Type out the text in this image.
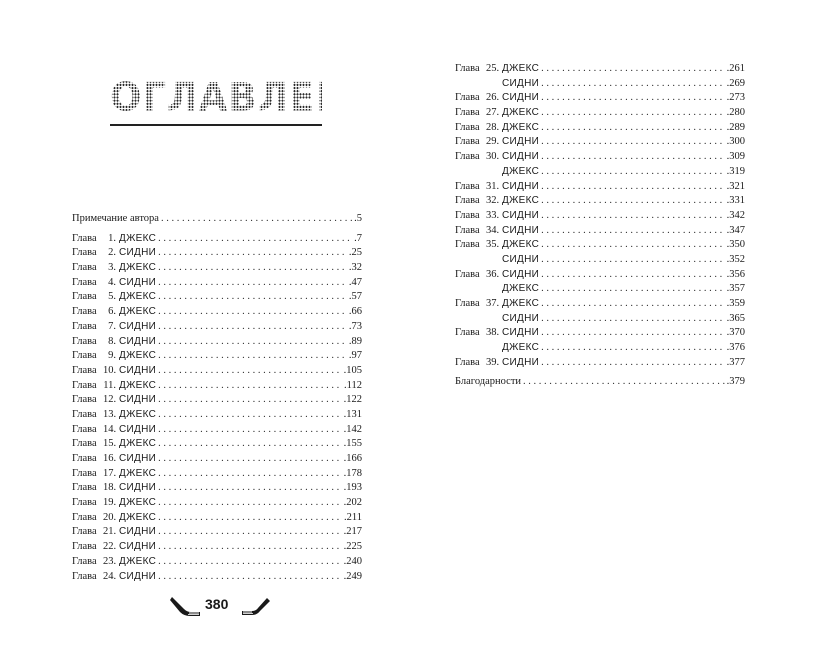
ОГЛАВЛЕНИЕ
Примечание автора . . .	.5
Глава 1. ДЖЕКС . . .	.7
Глава 2. СИДНИ . . .	.25
Глава 3. ДЖЕКС . . .	.32
Глава 4. СИДНИ . . .	.47
Глава 5. ДЖЕКС . . .	.57
Глава 6. ДЖЕКС . . .	.66
Глава 7. СИДНИ . . .	.73
Глава 8. СИДНИ . . .	.89
Глава 9. ДЖЕКС . . .	.97
Глава 10. СИДНИ . . .	.105
Глава 11. ДЖЕКС . . .	.112
Глава 12. СИДНИ . . .	.122
Глава 13. ДЖЕКС . . .	.131
Глава 14. СИДНИ . . .	.142
Глава 15. ДЖЕКС . . .	.155
Глава 16. СИДНИ . . .	.166
Глава 17. ДЖЕКС . . .	.178
Глава 18. СИДНИ . . .	.193
Глава 19. ДЖЕКС . . .	.202
Глава 20. ДЖЕКС . . .	.211
Глава 21. СИДНИ . . .	.217
Глава 22. СИДНИ . . .	.225
Глава 23. ДЖЕКС . . .	.240
Глава 24. СИДНИ . . .	.249
380
Глава 25. ДЖЕКС . . .	.261
СИДНИ . . .	.269
Глава 26. СИДНИ . . .	.273
Глава 27. ДЖЕКС . . .	.280
Глава 28. ДЖЕКС . . .	.289
Глава 29. СИДНИ . . .	.300
Глава 30. СИДНИ . . .	.309
ДЖЕКС . . .	.319
Глава 31. СИДНИ . . .	.321
Глава 32. ДЖЕКС . . .	.331
Глава 33. СИДНИ . . .	.342
Глава 34. СИДНИ . . .	.347
Глава 35. ДЖЕКС . . .	.350
СИДНИ . . .	.352
Глава 36. СИДНИ . . .	.356
ДЖЕКС . . .	.357
Глава 37. ДЖЕКС . . .	.359
СИДНИ . . .	.365
Глава 38. СИДНИ . . .	.370
ДЖЕКС . . .	.376
Глава 39. СИДНИ . . .	.377
Благодарности . . .	.379
